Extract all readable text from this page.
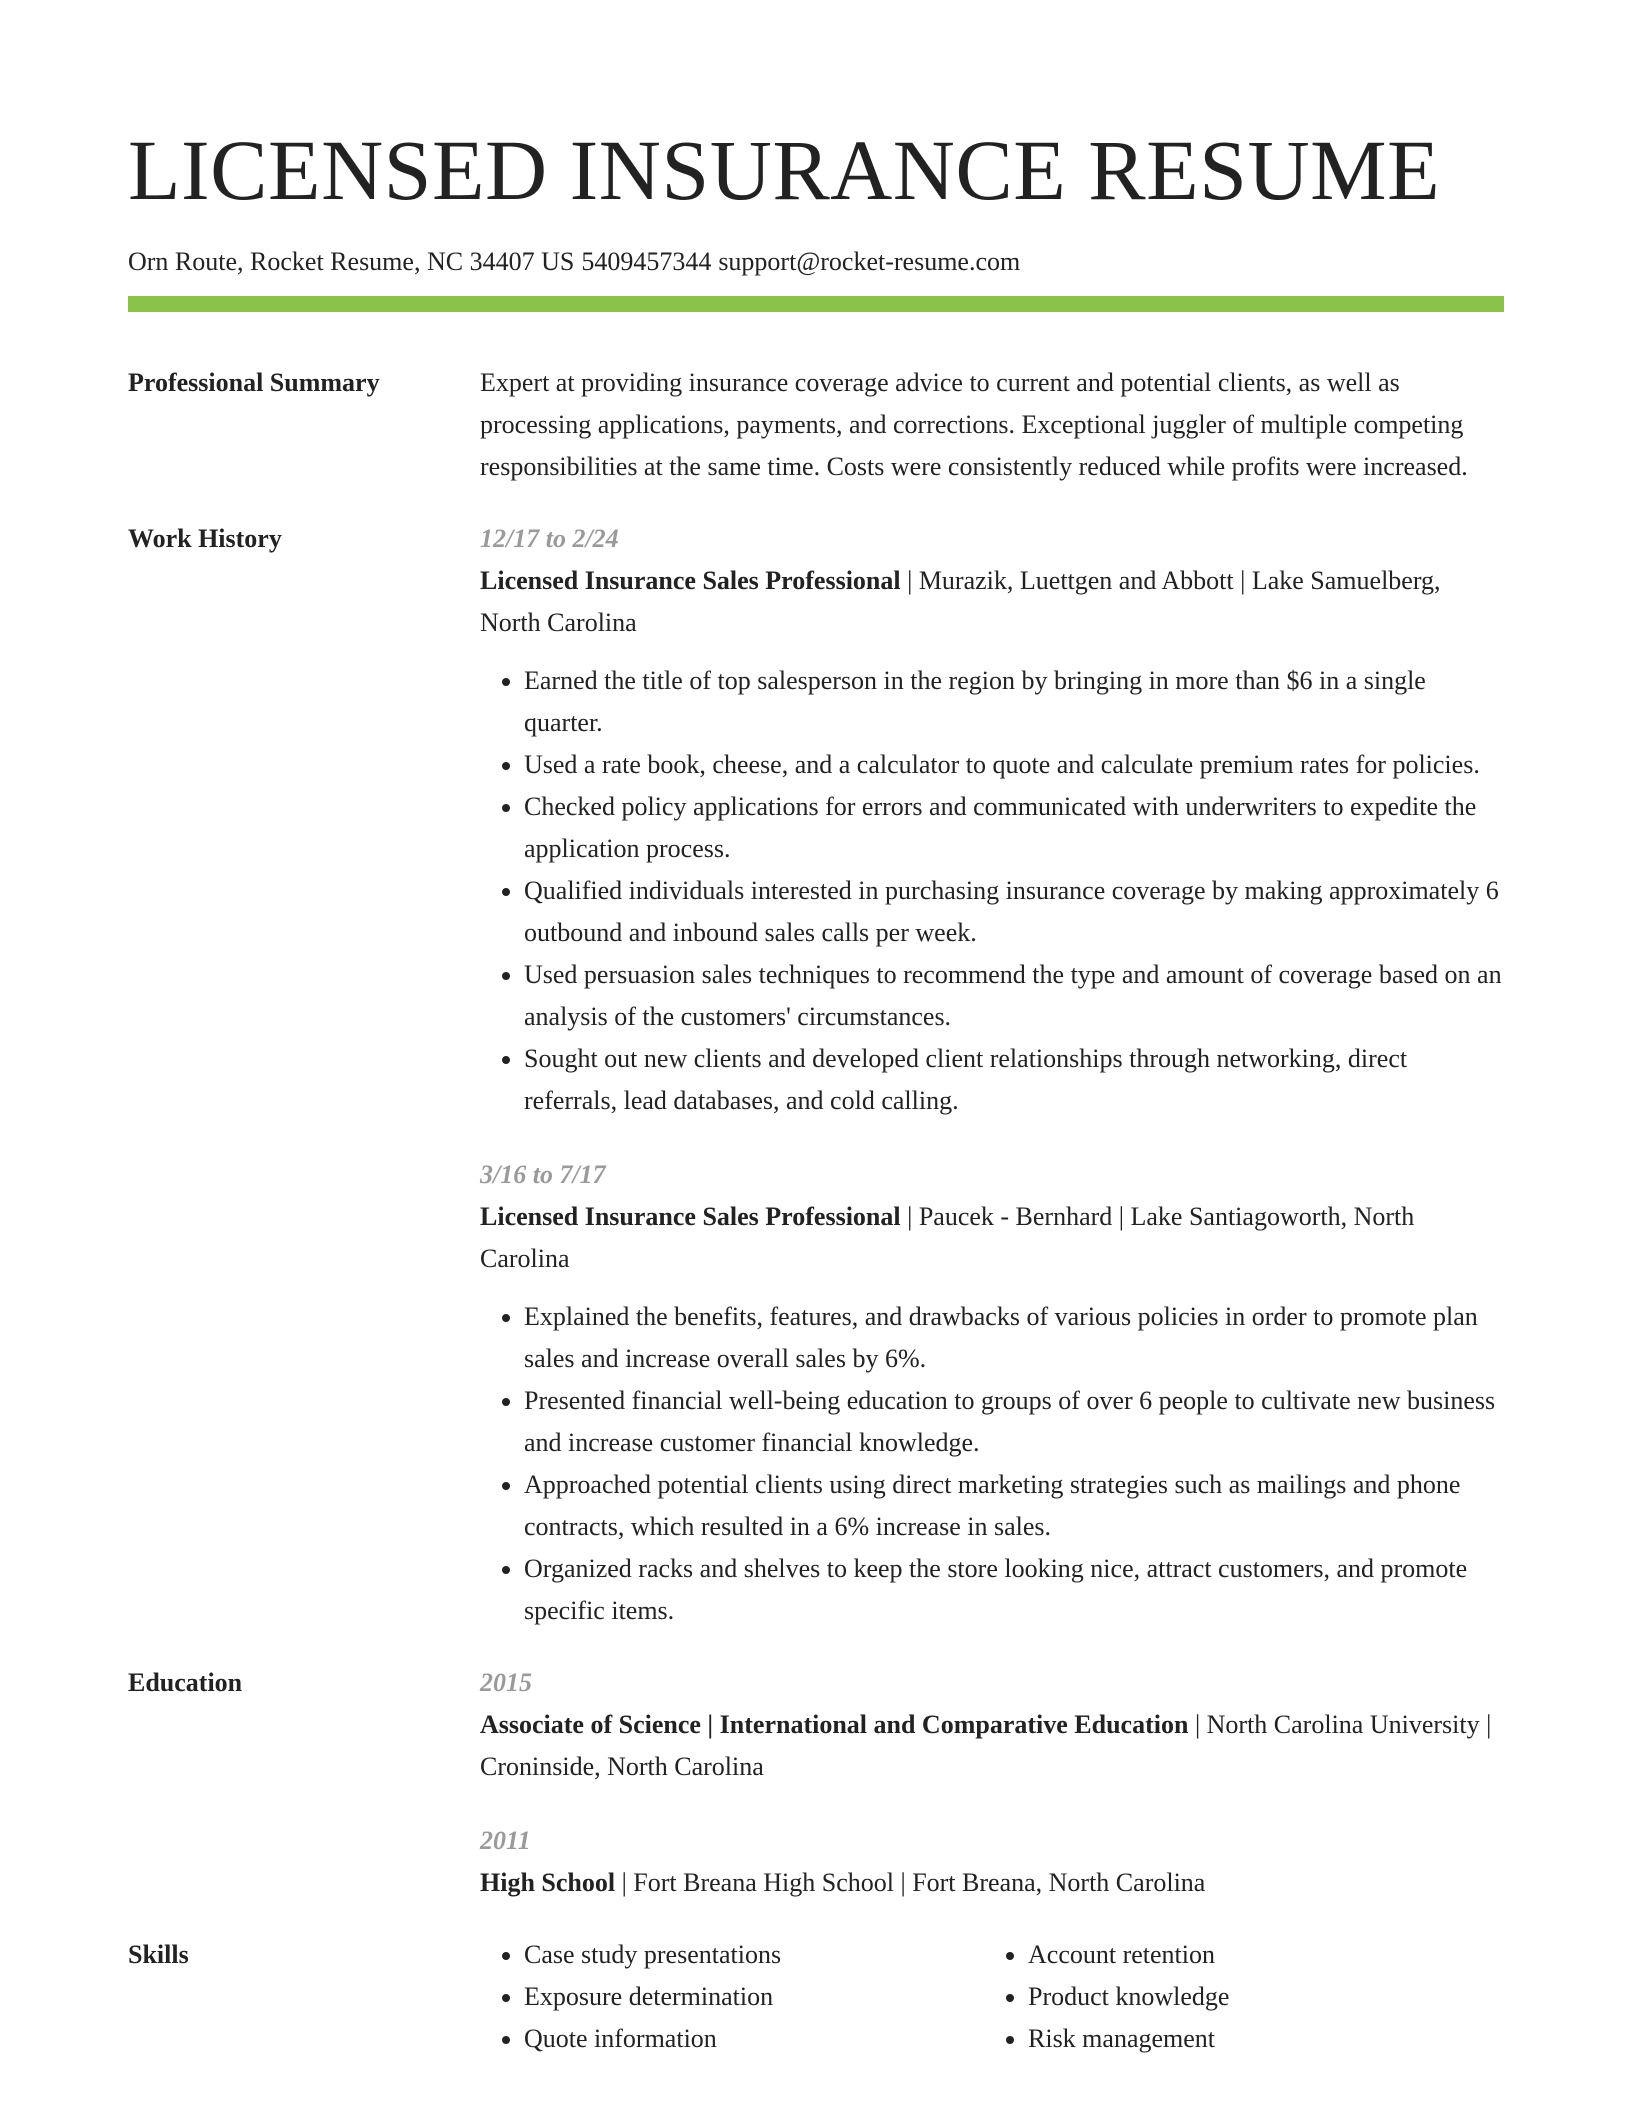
LICENSED INSURANCE RESUME
Orn Route, Rocket Resume, NC 34407 US 5409457344 support@rocket-resume.com
Professional Summary	Expert at providing insurance coverage advice to current and potential clients, as well as processing applications, payments, and corrections. Exceptional juggler of multiple competing responsibilities at the same time. Costs were consistently reduced while profits were increased.
Work History	12/17 to 2/24
Licensed Insurance Sales Professional | Murazik, Luettgen and Abbott | Lake Samuelberg, North Carolina
• Earned the title of top salesperson in the region by bringing in more than $6 in a single quarter.
• Used a rate book, cheese, and a calculator to quote and calculate premium rates for policies.
• Checked policy applications for errors and communicated with underwriters to expedite the application process.
• Qualified individuals interested in purchasing insurance coverage by making approximately 6 outbound and inbound sales calls per week.
• Used persuasion sales techniques to recommend the type and amount of coverage based on an analysis of the customers' circumstances.
• Sought out new clients and developed client relationships through networking, direct referrals, lead databases, and cold calling.
3/16 to 7/17
Licensed Insurance Sales Professional | Paucek - Bernhard | Lake Santiagoworth, North Carolina
• Explained the benefits, features, and drawbacks of various policies in order to promote plan sales and increase overall sales by 6%.
• Presented financial well-being education to groups of over 6 people to cultivate new business and increase customer financial knowledge.
• Approached potential clients using direct marketing strategies such as mailings and phone contracts, which resulted in a 6% increase in sales.
• Organized racks and shelves to keep the store looking nice, attract customers, and promote specific items.
Education	2015
Associate of Science | International and Comparative Education | North Carolina University | Croninside, North Carolina
2011
High School | Fort Breana High School | Fort Breana, North Carolina
Skills
•	Case study presentations
• Exposure determination
• Quote information
• Account retention
• Product knowledge
• Risk management
